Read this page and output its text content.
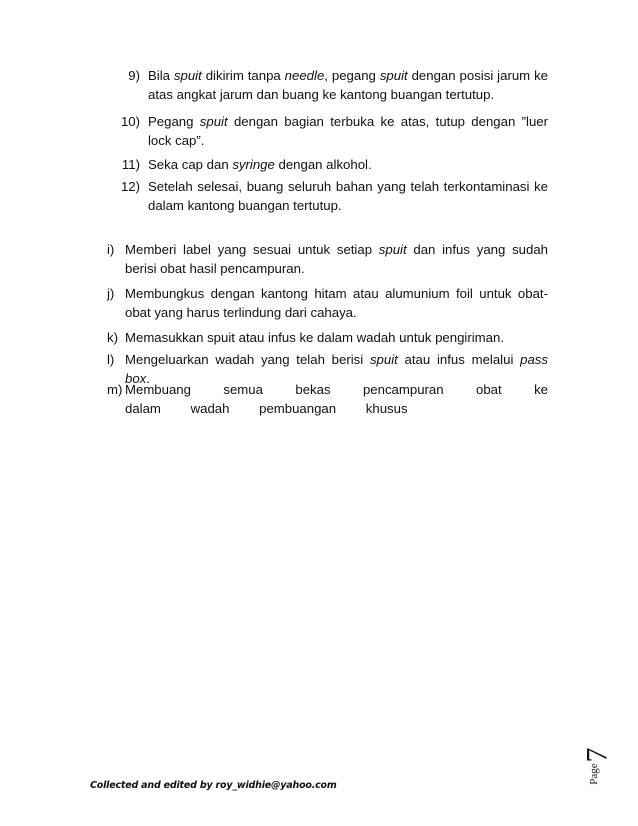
9) Bila spuit dikirim tanpa needle, pegang spuit dengan posisi jarum ke atas angkat jarum dan buang ke kantong buangan tertutup.
10) Pegang spuit dengan bagian terbuka ke atas, tutup dengan ”luer lock cap”.
11) Seka cap dan syringe dengan alkohol.
12) Setelah selesai, buang seluruh bahan yang telah terkontaminasi ke dalam kantong buangan tertutup.
i) Memberi label yang sesuai untuk setiap spuit dan infus yang sudah berisi obat hasil pencampuran.
j) Membungkus dengan kantong hitam atau alumunium foil untuk obat-obat yang harus terlindung dari cahaya.
k) Memasukkan spuit atau infus ke dalam wadah untuk pengiriman.
l) Mengeluarkan wadah yang telah berisi spuit atau infus melalui pass box.
m) Membuang semua bekas pencampuran obat ke dalam wadah pembuangan khusus
Collected and edited by roy_widhie@yahoo.com
Page
7
